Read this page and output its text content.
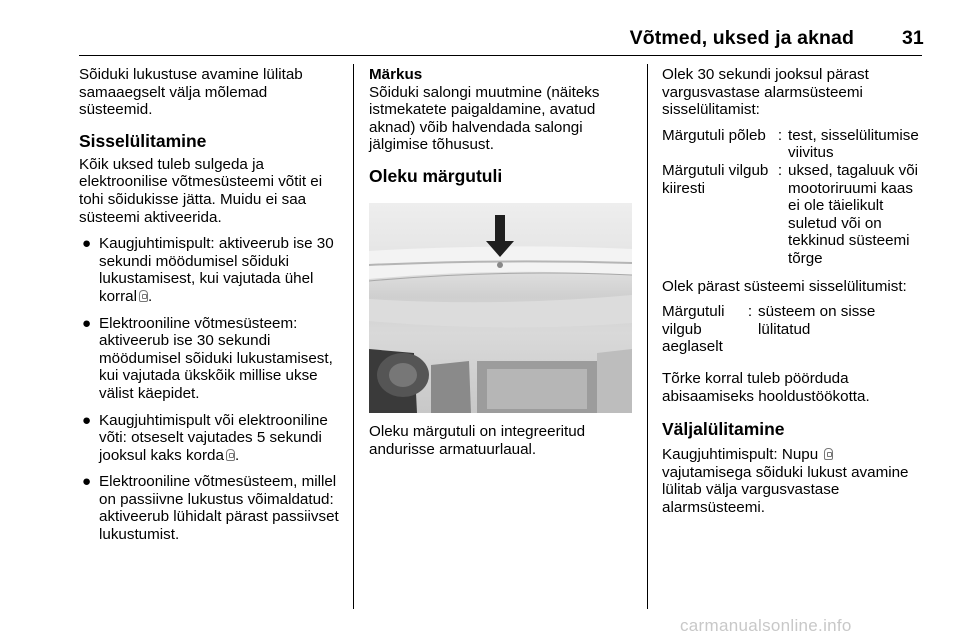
Võtmed, uksed ja aknad 31

Sõiduki lukustuse avamine lülitab samaaegselt välja mõlemad süsteemid.

Sisselülitamine

Kõik uksed tuleb sulgeda ja elektroonilise võtmesüsteemi võtit ei tohi sõidukisse jätta. Muidu ei saa süsteemi aktiveerida.

● Kaugjuhtimispult: aktiveerub ise 30 sekundi möödumisel sõiduki lukustamisest, kui vajutada ühel korral .
● Elektrooniline võtmesüsteem: aktiveerub ise 30 sekundi möödumisel sõiduki lukustamisest, kui vajutada ükskõik millise ukse välist käepidet.
● Kaugjuhtimispult või elektrooniline võti: otseselt vajutades 5 sekundi jooksul kaks korda .
● Elektrooniline võtmesüsteem, millel on passiivne lukustus võimaldatud: aktiveerub lühidalt pärast passiivset lukustumist.

Märkus

Sõiduki salongi muutmine (näiteks istmekatete paigaldamine, avatud aknad) võib halvendada salongi jälgimise tõhusust.

Oleku märgutuli

Oleku märgutuli on integreeritud andurisse armatuurlaual.

Olek 30 sekundi jooksul pärast vargusvastase alarmsüsteemi sisselülitamist:

Märgutuli põleb	:	test, sisselülitumise viivitus
Märgutuli vilgub kiiresti	:	uksed, tagaluuk või mootoriruumi kaas ei ole täielikult suletud või on tekkinud süsteemi tõrge

Olek pärast süsteemi sisselülitumist:

Märgutuli vilgub aeglaselt	:	süsteem on sisse lülitatud

Tõrke korral tuleb pöörduda abisaamiseks hooldustöökotta.

Väljalülitamine

Kaugjuhtimispult: Nupu  vajutamisega sõiduki lukust avamine lülitab välja vargusvastase alarmsüsteemi.

carmanualsonline.info
